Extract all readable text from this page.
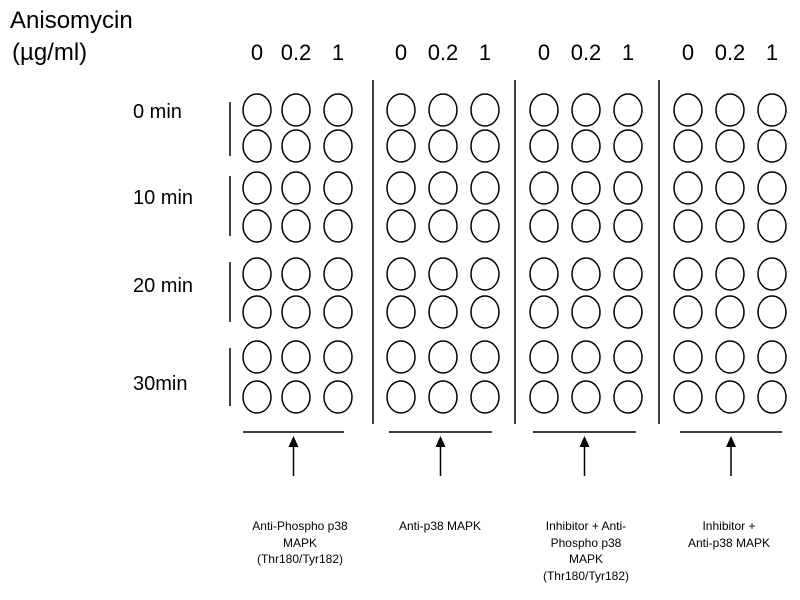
Anisomycin
(µg/ml)	0 0.2 1	0 0.2 1	0 0.2 1	0 0.2 1
0 min
10 min
20 min
30min
Anti-Phospho p38
MAPK
(Thr180/Tyr182)
Anti-p38 MAPK	Inhibitor + Anti-
Phospho p38
MAPK
(Thr180/Tyr182)
Inhibitor +
Anti-p38 MAPK
